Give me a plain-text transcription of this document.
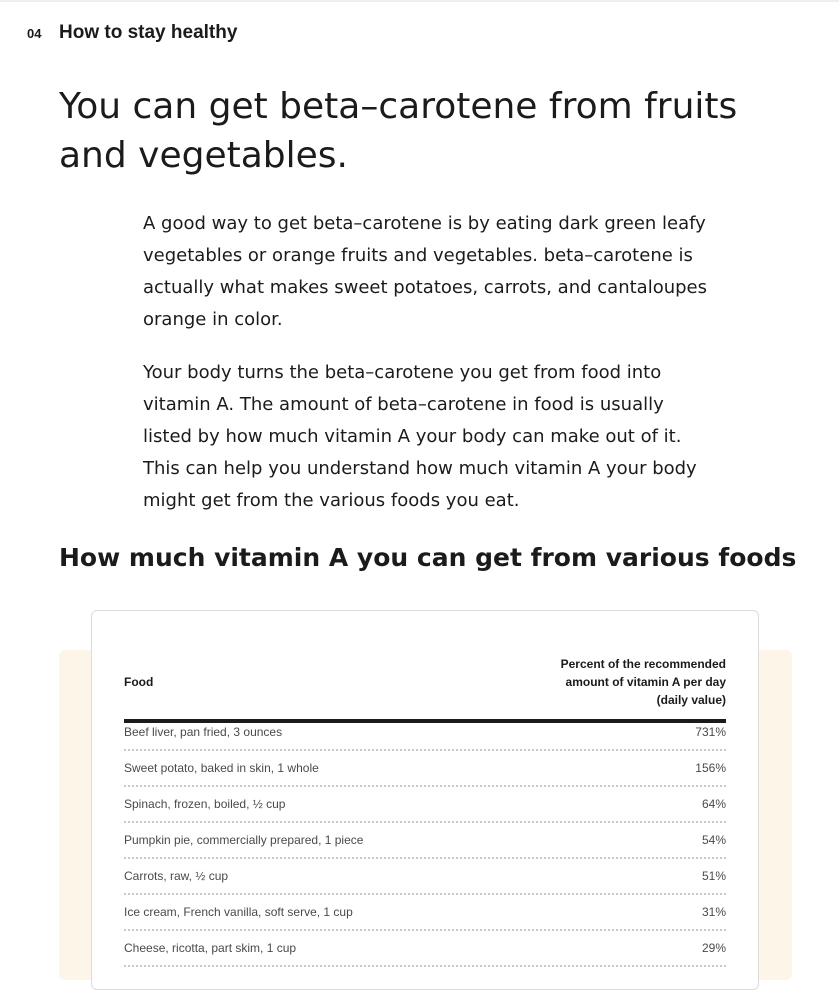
04 How to stay healthy
You can get beta–carotene from fruits and vegetables.

A good way to get beta–carotene is by eating dark green leafy vegetables or orange fruits and vegetables. beta–carotene is actually what makes sweet potatoes, carrots, and cantaloupes orange in color.

Your body turns the beta–carotene you get from food into vitamin A. The amount of beta–carotene in food is usually listed by how much vitamin A your body can make out of it. This can help you understand how much vitamin A your body might get from the various foods you eat.

How much vitamin A you can get from various foods
Food
Percent of the recommended amount of vitamin A per day (daily value)
Beef liver, pan fried, 3 ounces	731%
Sweet potato, baked in skin, 1 whole	156%
Spinach, frozen, boiled, ½ cup	64%
Pumpkin pie, commercially prepared, 1 piece	54%
Carrots, raw, ½ cup	51%
Ice cream, French vanilla, soft serve, 1 cup	31%
Cheese, ricotta, part skim, 1 cup	29%
